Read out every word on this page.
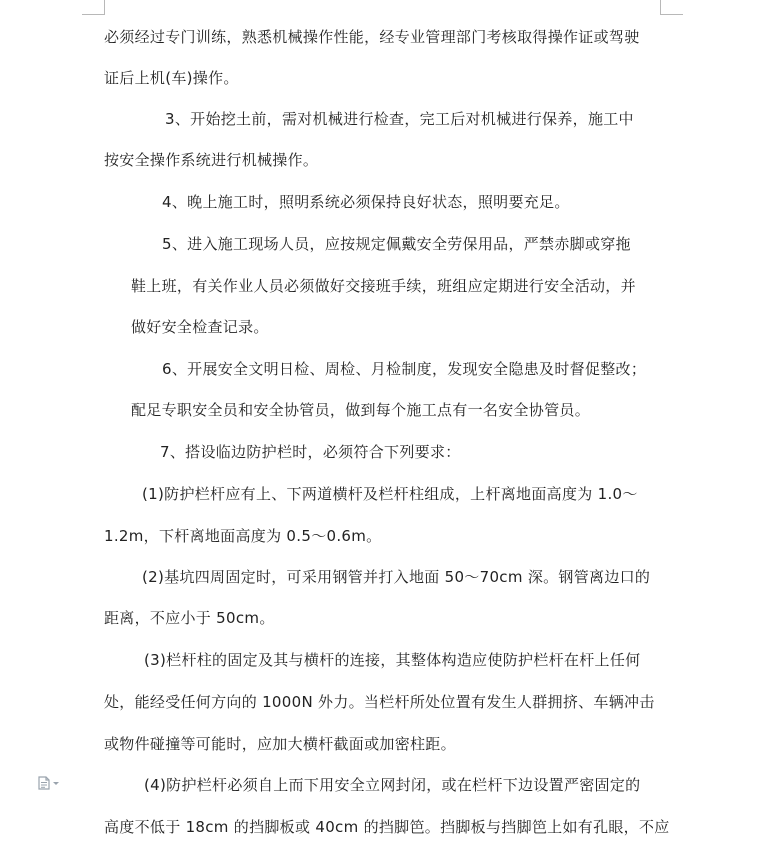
必须经过专门训练，熟悉机械操作性能，经专业管理部门考核取得操作证或驾驶
证后上机(车)操作。
3、开始挖土前，需对机械进行检查，完工后对机械进行保养，施工中
按安全操作系统进行机械操作。
4、晚上施工时，照明系统必须保持良好状态，照明要充足。
5、进入施工现场人员，应按规定佩戴安全劳保用品，严禁赤脚或穿拖
鞋上班，有关作业人员必须做好交接班手续，班组应定期进行安全活动，并
做好安全检查记录。
6、开展安全文明日检、周检、月检制度，发现安全隐患及时督促整改；
配足专职安全员和安全协管员，做到每个施工点有一名安全协管员。
7、搭设临边防护栏时，必须符合下列要求：
(1)防护栏杆应有上、下两道横杆及栏杆柱组成，上杆离地面高度为 1.0～
1.2m，下杆离地面高度为 0.5～0.6m。
(2)基坑四周固定时，可采用钢管并打入地面 50～70cm 深。钢管离边口的
距离，不应小于 50cm。
(3)栏杆柱的固定及其与横杆的连接，其整体构造应使防护栏杆在杆上任何
处，能经受任何方向的 1000N 外力。当栏杆所处位置有发生人群拥挤、车辆冲击
或物件碰撞等可能时，应加大横杆截面或加密柱距。
(4)防护栏杆必须自上而下用安全立网封闭，或在栏杆下边设置严密固定的
高度不低于 18cm 的挡脚板或 40cm 的挡脚笆。挡脚板与挡脚笆上如有孔眼，不应
